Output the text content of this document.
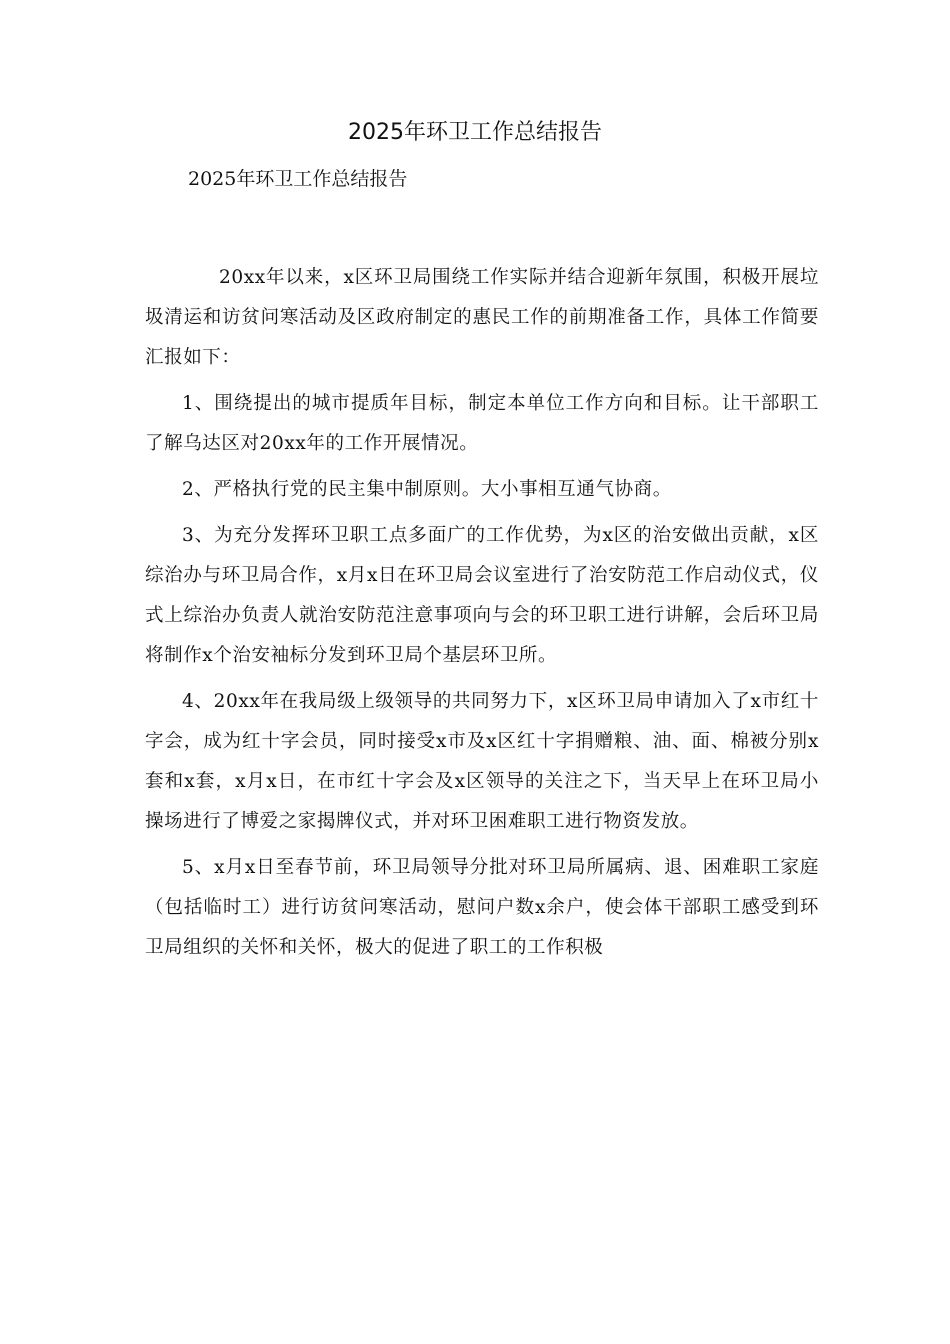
2025年环卫工作总结报告
2025年环卫工作总结报告

20xx年以来，x区环卫局围绕工作实际并结合迎新年氛围，积极开展垃圾清运和访贫问寒活动及区政府制定的惠民工作的前期准备工作，具体工作简要汇报如下：

1、围绕提出的城市提质年目标，制定本单位工作方向和目标。让干部职工了解乌达区对20xx年的工作开展情况。

2、严格执行党的民主集中制原则。大小事相互通气协商。

3、为充分发挥环卫职工点多面广的工作优势，为x区的治安做出贡献，x区综治办与环卫局合作，x月x日在环卫局会议室进行了治安防范工作启动仪式，仪式上综治办负责人就治安防范注意事项向与会的环卫职工进行讲解，会后环卫局将制作x个治安袖标分发到环卫局个基层环卫所。

4、20xx年在我局级上级领导的共同努力下，x区环卫局申请加入了x市红十字会，成为红十字会员，同时接受x市及x区红十字捐赠粮、油、面、棉被分别x套和x套，x月x日，在市红十字会及x区领导的关注之下，当天早上在环卫局小操场进行了博爱之家揭牌仪式，并对环卫困难职工进行物资发放。

5、x月x日至春节前，环卫局领导分批对环卫局所属病、退、困难职工家庭（包括临时工）进行访贫问寒活动，慰问户数x余户，使会体干部职工感受到环卫局组织的关怀和关怀，极大的促进了职工的工作积极
